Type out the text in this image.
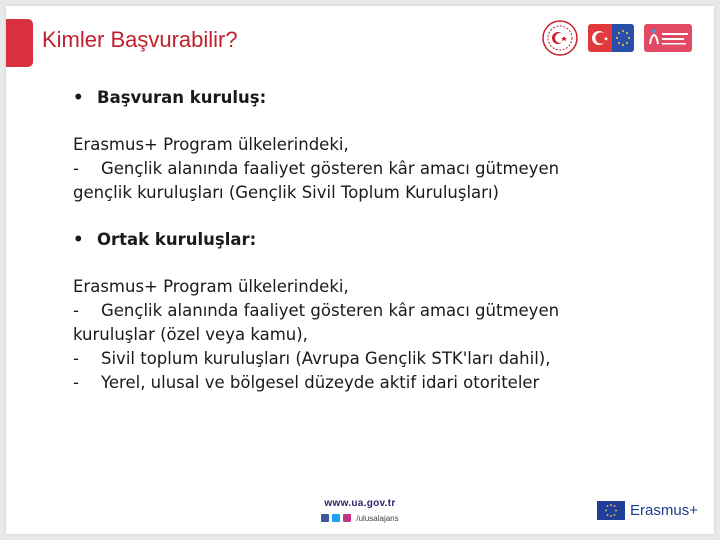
Kimler Başvurabilir?
• Başvuran kuruluş:
Erasmus+ Program ülkelerindeki,
- Gençlik alanında faaliyet gösteren kâr amacı gütmeyen
gençlik kuruluşları (Gençlik Sivil Toplum Kuruluşları)
• Ortak kuruluşlar:
Erasmus+ Program ülkelerindeki,
- Gençlik alanında faaliyet gösteren kâr amacı gütmeyen
kuruluşlar (özel veya kamu),
- Sivil toplum kuruluşları (Avrupa Gençlik STK'ları dahil),
- Yerel, ulusal ve bölgesel düzeyde aktif idari otoriteler
www.ua.gov.tr
/ulusalajans	Erasmus+
